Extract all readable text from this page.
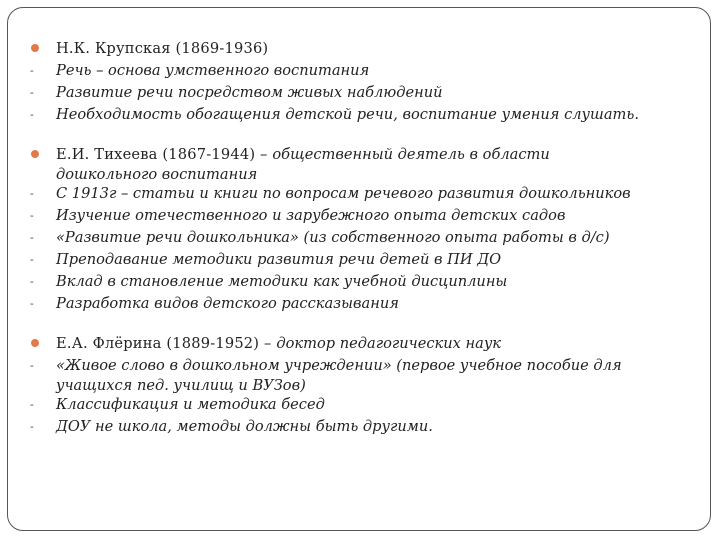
Н.К. Крупская (1869-1936)
- Речь – основа умственного воспитания
- Развитие речи посредством живых наблюдений
- Необходимость обогащения детской речи, воспитание умения слушать.
Е.И. Тихеева (1867-1944) – общественный деятель в области
дошкольного воспитания
- С 1913г – статьи и книги по вопросам речевого развития дошкольников
- Изучение отечественного и зарубежного опыта детских садов
- «Развитие речи дошкольника» (из собственного опыта работы в д/с)
- Преподавание методики развития речи детей в ПИ ДО
- Вклад в становление методики как учебной дисциплины
- Разработка видов детского рассказывания
Е.А. Флёрина (1889-1952) – доктор педагогических наук
- «Живое слово в дошкольном учреждении» (первое учебное пособие для
учащихся пед. училищ и ВУЗов)
- Классификация и методика бесед
- ДОУ не школа, методы должны быть другими.
